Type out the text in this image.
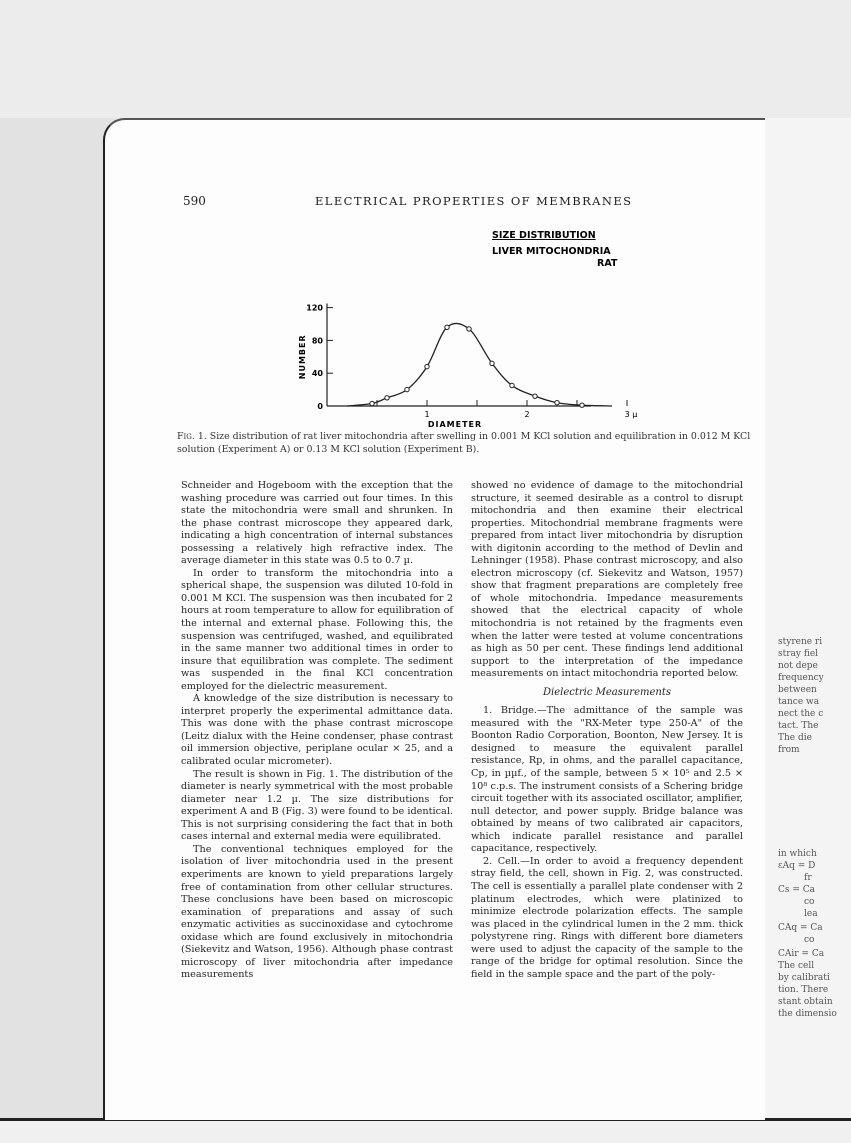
590	ELECTRICAL PROPERTIES OF MEMBRANES
0
40
80
120
1	2	3 µ
DIAMETER
NUMBER
SIZE DISTRIBUTION
LIVER MITOCHONDRIA
RAT
Fig. 1. Size distribution of rat liver mitochondria after swelling in 0.001 M KCl solution and equilibration in 0.012 M KCl solution (Experiment A) or 0.13 M KCl solution (Experiment B).

Schneider and Hogeboom with the exception that the washing procedure was carried out four times. In this state the mitochondria were small and shrunken. In the phase contrast microscope they appeared dark, indicating a high concentration of internal substances possessing a relatively high refractive index. The average diameter in this state was 0.5 to 0.7 µ.

In order to transform the mitochondria into a spherical shape, the suspension was diluted 10-fold in 0.001 M KCl. The suspension was then incubated for 2 hours at room temperature to allow for equilibration of the internal and external phase. Following this, the suspension was centrifuged, washed, and equilibrated in the same manner two additional times in order to insure that equilibration was complete. The sediment was suspended in the final KCl concentration employed for the dielectric measurement.

A knowledge of the size distribution is necessary to interpret properly the experimental admittance data. This was done with the phase contrast microscope (Leitz dialux with the Heine condenser, phase contrast oil immersion objective, periplane ocular × 25, and a calibrated ocular micrometer).

The result is shown in Fig. 1. The distribution of the diameter is nearly symmetrical with the most probable diameter near 1.2 µ. The size distributions for experiment A and B (Fig. 3) were found to be identical. This is not surprising considering the fact that in both cases internal and external media were equilibrated.

The conventional techniques employed for the isolation of liver mitochondria used in the present experiments are known to yield preparations largely free of contamination from other cellular structures. These conclusions have been based on microscopic examination of preparations and assay of such enzymatic activities as succinoxidase and cytochrome oxidase which are found exclusively in mitochondria (Siekevitz and Watson, 1956). Although phase contrast microscopy of liver mitochondria after impedance measurements

showed no evidence of damage to the mitochondrial structure, it seemed desirable as a control to disrupt mitochondria and then examine their electrical properties. Mitochondrial membrane fragments were prepared from intact liver mitochondria by disruption with digitonin according to the method of Devlin and Lehninger (1958). Phase contrast microscopy, and also electron microscopy (cf. Siekevitz and Watson, 1957) show that fragment preparations are completely free of whole mitochondria. Impedance measurements showed that the electrical capacity of whole mitochondria is not retained by the fragments even when the latter were tested at volume concentrations as high as 50 per cent. These findings lend additional support to the interpretation of the impedance measurements on intact mitochondria reported below.

Dielectric Measurements

1. Bridge.—The admittance of the sample was measured with the "RX-Meter type 250-A" of the Boonton Radio Corporation, Boonton, New Jersey. It is designed to measure the equivalent parallel resistance, Rp, in ohms, and the parallel capacitance, Cp, in µµf., of the sample, between 5 × 10⁵ and 2.5 × 10⁸ c.p.s. The instrument consists of a Schering bridge circuit together with its associated oscillator, amplifier, null detector, and power supply. Bridge balance was obtained by means of two calibrated air capacitors, which indicate parallel resistance and parallel capacitance, respectively.

2. Cell.—In order to avoid a frequency dependent stray field, the cell, shown in Fig. 2, was constructed. The cell is essentially a parallel plate condenser with 2 platinum electrodes, which were platinized to minimize electrode polarization effects. The sample was placed in the cylindrical lumen in the 2 mm. thick polystyrene ring. Rings with different bore diameters were used to adjust the capacity of the sample to the range of the bridge for optimal resolution. Since the field in the sample space and the part of the poly-

styrene ri
stray fiel
not depe
frequency
between
tance wa
nect the c
tact. The
The die
from
in which
εAq = D
fr
Cs = Ca
co
lea
CAq = Ca
co
CAir = Ca
The cell
by calibrati
tion. There
stant obtain
the dimensio
